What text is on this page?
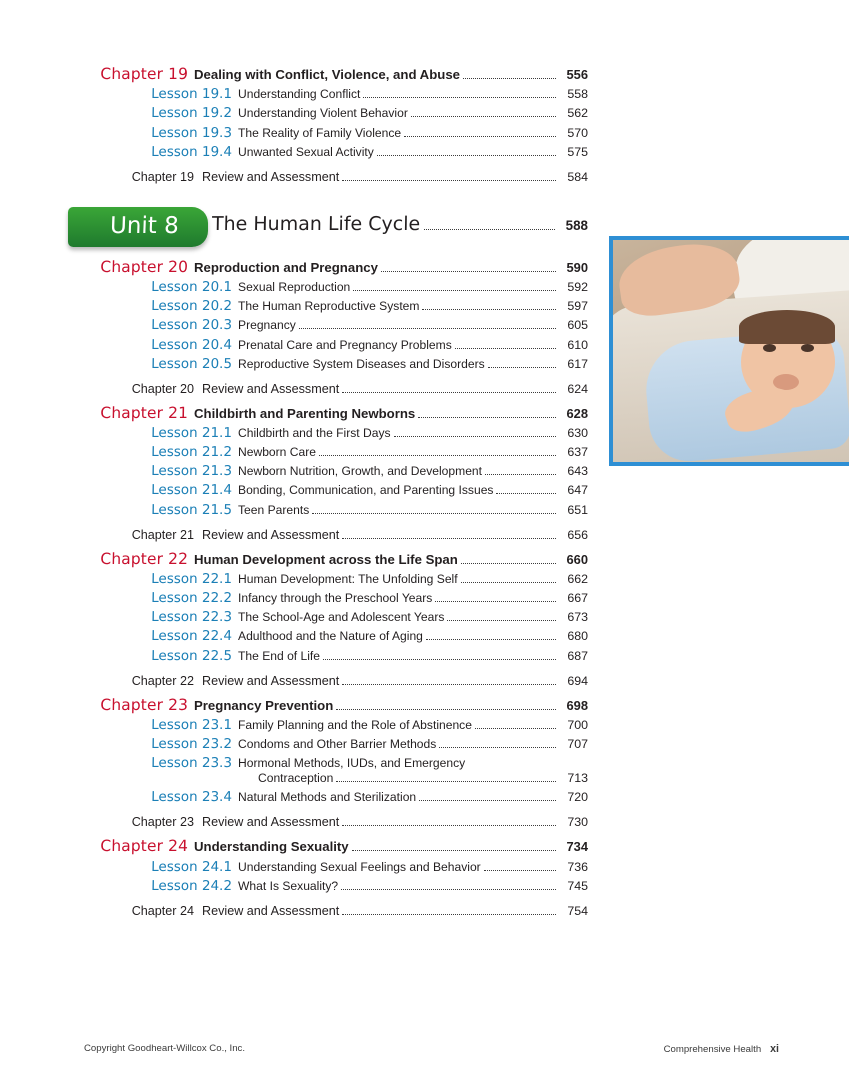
Chapter 19 Dealing with Conflict, Violence, and Abuse	556
Lesson 19.1 Understanding Conflict	558
Lesson 19.2 Understanding Violent Behavior	562
Lesson 19.3 The Reality of Family Violence	570
Lesson 19.4 Unwanted Sexual Activity	575
Chapter 19 Review and Assessment	584
Unit 8 The Human Life Cycle	588
Chapter 20 Reproduction and Pregnancy	590
Lesson 20.1 Sexual Reproduction	592
Lesson 20.2 The Human Reproductive System	597
Lesson 20.3 Pregnancy	605
Lesson 20.4 Prenatal Care and Pregnancy Problems	610
Lesson 20.5 Reproductive System Diseases and Disorders	617
Chapter 20 Review and Assessment	624
Chapter 21 Childbirth and Parenting Newborns	628
Lesson 21.1 Childbirth and the First Days	630
Lesson 21.2 Newborn Care	637
Lesson 21.3 Newborn Nutrition, Growth, and Development	643
Lesson 21.4 Bonding, Communication, and Parenting Issues	647
Lesson 21.5 Teen Parents	651
Chapter 21 Review and Assessment	656
Chapter 22 Human Development across the Life Span	660
Lesson 22.1 Human Development: The Unfolding Self	662
Lesson 22.2 Infancy through the Preschool Years	667
Lesson 22.3 The School-Age and Adolescent Years	673
Lesson 22.4 Adulthood and the Nature of Aging	680
Lesson 22.5 The End of Life	687
Chapter 22 Review and Assessment	694
Chapter 23 Pregnancy Prevention	698
Lesson 23.1 Family Planning and the Role of Abstinence	700
Lesson 23.2 Condoms and Other Barrier Methods	707
Lesson 23.3 Hormonal Methods, IUDs, and Emergency
Contraception	713
Lesson 23.4 Natural Methods and Sterilization	720
Chapter 23 Review and Assessment	730
Chapter 24 Understanding Sexuality	734
Lesson 24.1 Understanding Sexual Feelings and Behavior	736
Lesson 24.2 What Is Sexuality?	745
Chapter 24 Review and Assessment	754
Copyright Goodheart-Willcox Co., Inc.	Comprehensive Health xi
